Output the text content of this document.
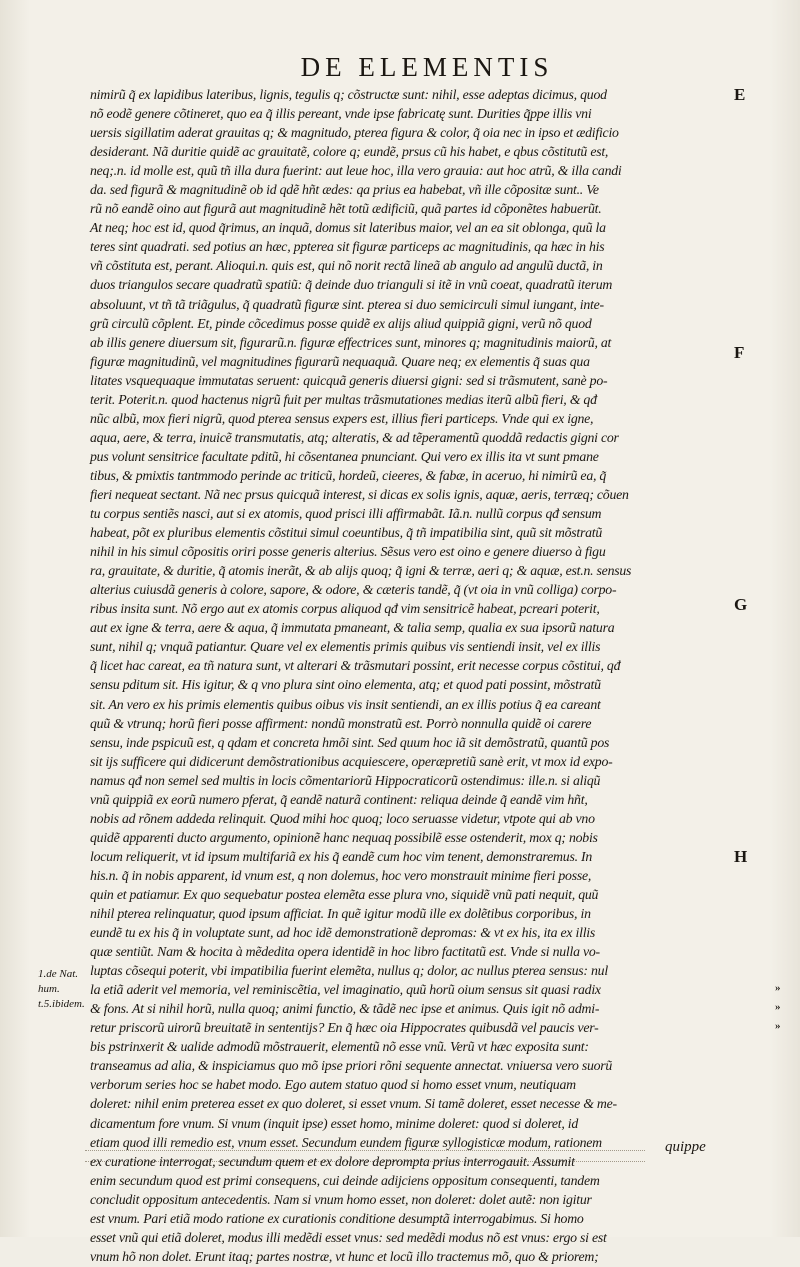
DE ELEMENTIS
nimirũ q̃ ex lapidibus lateribus, lignis, tegulis q; cõstructæ sunt: nihil, esse adeptas dicimus, quod
nõ eodẽ genere cõtineret, quo ea q̃ illis pereant, vnde ipse fabricatę sunt. Durities q̃ppe illis vni
uersis sigillatim aderat grauitas q; & magnitudo, pterea figura & color, q̃ oia nec in ipso et ædificio
desiderant. Nã duritie quidẽ ac grauitatẽ, colore q; eundẽ, prsus cũ his habet, e qbus cõstitutũ est,
neq;.n. id molle est, quũ tñ illa dura fuerint: aut leue hoc, illa vero grauia: aut hoc atrũ, & illa candi
da. sed figurã & magnitudinẽ ob id qdẽ hñt ædes: qa prius ea habebat, vñ ille cõpositæ sunt.. Ve
rũ nõ eandẽ oino aut figurã aut magnitudinẽ hẽt totũ ædificiũ, quã partes id cõponẽtes habuerũt.
At neq; hoc est id, quod q̃rimus, an inquã, domus sit lateribus maior, vel an ea sit oblonga, quũ la
teres sint quadrati. sed potius an hæc, ppterea sit figuræ particeps ac magnitudinis, qa hæc in his
vñ cõstituta est, perant. Alioqui.n. quis est, qui nõ norit rectã lineã ab angulo ad angulũ ductã, in
duos triangulos secare quadratũ spatiũ: q̃ deinde duo trianguli si itẽ in vnũ coeat, quadratũ iterum
absoluunt, vt tñ tã triãgulus, q̃ quadratũ figuræ sint. pterea si duo semicirculi simul iungant, inte-
grũ circulũ cõplent. Et, pinde cõcedimus posse quidẽ ex alijs aliud quippiã gigni, verũ nõ quod
ab illis genere diuersum sit, figurarũ.n. figuræ effectrices sunt, minores q; magnitudinis maiorũ, at
figuræ magnitudinũ, vel magnitudines figurarũ nequaquã. Quare neq; ex elementis q̃ suas qua
litates vsquequaque immutatas seruent: quicquã generis diuersi gigni: sed si trãsmutent, sanè po-
terit. Poterit.n. quod hactenus nigrũ fuit per multas trãsmutationes medias iterũ albũ fieri, & qđ
nũc albũ, mox fieri nigrũ, quod pterea sensus expers est, illius fieri particeps. Vnde qui ex igne,
aqua, aere, & terra, inuicẽ transmutatis, atq; alteratis, & ad tẽperamentũ quoddã redactis gigni cor
pus volunt sensitrice facultate pditũ, hi cõsentanea pnunciant. Qui vero ex illis ita vt sunt pmane
tibus, & pmixtis tantmmodo perinde ac triticũ, hordeũ, cieeres, & fabæ, in aceruo, hi nimirũ ea, q̃
fieri nequeat sectant. Nã nec prsus quicquã interest, si dicas ex solis ignis, aquæ, aeris, terræq; cõuen
tu corpus sentiẽs nasci, aut si ex atomis, quod prisci illi affirmabãt. Iã.n. nullũ corpus qđ sensum
habeat, põt ex pluribus elementis cõstitui simul coeuntibus, q̃ tñ impatibilia sint, quũ sit mõstratũ
nihil in his simul cõpositis oriri posse generis alterius. Sẽsus vero est oino e genere diuerso à figu
ra, grauitate, & duritie, q̃ atomis inerãt, & ab alijs quoq; q̃ igni & terræ, aeri q; & aquæ, est.n. sensus
alterius cuiusdã generis à colore, sapore, & odore, & cæteris tandẽ, q̃ (vt oia in vnũ colliga) corpo-
ribus insita sunt. Nõ ergo aut ex atomis corpus aliquod qđ vim sensitricẽ habeat, pcreari poterit,
aut ex igne & terra, aere & aqua, q̃ immutata pmaneant, & talia semp, qualia ex sua ipsorũ natura
sunt, nihil q; vnquã patiantur. Quare vel ex elementis primis quibus vis sentiendi insit, vel ex illis
q̃ licet hac careat, ea tñ natura sunt, vt alterari & trãsmutari possint, erit necesse corpus cõstitui, qđ
sensu pditum sit. His igitur, & q vno plura sint oino elementa, atq; et quod pati possint, mõstratũ
sit. An vero ex his primis elementis quibus oibus vis insit sentiendi, an ex illis potius q̃ ea careant
quũ & vtrunq; horũ fieri posse affirment: nondũ monstratũ est. Porrò nonnulla quidẽ oi carere
sensu, inde pspicuũ est, q qdam et concreta hmõi sint. Sed quum hoc iã sit demõstratũ, quantũ pos
sit ijs sufficere qui didicerunt demõstrationibus acquiescere, operæpretiũ sanè erit, vt mox id expo-
namus qđ non semel sed multis in locis cõmentariorũ Hippocraticorũ ostendimus: ille.n. si aliqũ
vnũ quippiã ex eorũ numero pferat, q̃ eandẽ naturã continent: reliqua deinde q̃ eandẽ vim hñt,
nobis ad rõnem addeda relinquit. Quod mihi hoc quoq; loco seruasse videtur, vtpote qui ab vno
quidẽ apparenti ducto argumento, opinionẽ hanc nequaq possibilẽ esse ostenderit, mox q; nobis
locum reliquerit, vt id ipsum multifariã ex his q̃ eandẽ cum hoc vim tenent, demonstraremus. In
his.n. q̃ in nobis apparent, id vnum est, q non dolemus, hoc vero monstrauit minime fieri posse,
quin et patiamur. Ex quo sequebatur postea elemẽta esse plura vno, siquidẽ vnũ pati nequit, quũ
nihil pterea relinquatur, quod ipsum afficiat. In quẽ igitur modũ ille ex dolẽtibus corporibus, in
eundẽ tu ex his q̃ in voluptate sunt, ad hoc idẽ demonstrationẽ depromas: & vt ex his, ita ex illis
quæ sentiũt. Nam & hocita à mẽdedita opera identidẽ in hoc libro factitatũ est. Vnde si nulla vo-
luptas cõsequi poterit, vbi impatibilia fuerint elemẽta, nullus q; dolor, ac nullus pterea sensus: nul
la etiã aderit vel memoria, vel reminiscẽtia, vel imaginatio, quũ horũ oium sensus sit quasi radix
& fons. At si nihil horũ, nulla quoq; animi functio, & tãdẽ nec ipse et animus. Quis igit nõ admi-
retur priscorũ uirorũ breuitatẽ in sententijs? En q̃ hæc oia Hippocrates quibusdã vel paucis ver-
bis pstrinxerit & ualide admodũ mõstrauerit, elementũ nõ esse vnũ. Verũ vt hæc exposita sunt:
transeamus ad alia, & inspiciamus quo mõ ipse priori rõni sequente annectat. vniuersa vero suorũ
verborum series hoc se habet modo. Ego autem statuo quod si homo esset vnum, neutiquam
doleret: nihil enim preterea esset ex quo doleret, si esset vnum. Si tamẽ doleret, esset necesse & me-
dicamentum fore vnum. Si vnum (inquit ipse) esset homo, minime doleret: quod si doleret, id
etiam quod illi remedio est, vnum esset. Secundum eundem figuræ syllogisticæ modum, rationem
ex curatione interrogat, secundum quem et ex dolore deprompta prius interrogauit. Assumit
enim secundum quod est primi consequens, cui deinde adijciens oppositum consequenti, tandem
concludit oppositum antecedentis. Nam si vnum homo esset, non doleret: dolet autẽ: non igitur
est vnum. Pari etiã modo ratione ex curationis conditione desumptã interrogabimus. Si homo
esset vnũ qui etiã doleret, modus illi medẽdi esset vnus: sed medẽdi modus nõ est vnus: ergo si est
vnum hõ non dolet. Erunt itaq; partes nostræ, vt hunc et locũ illo tractemus mõ, quo & priorem;
E
F
G
H
1.de Nat. hum.
t.5.ibidem.
»
»
»
quippe
